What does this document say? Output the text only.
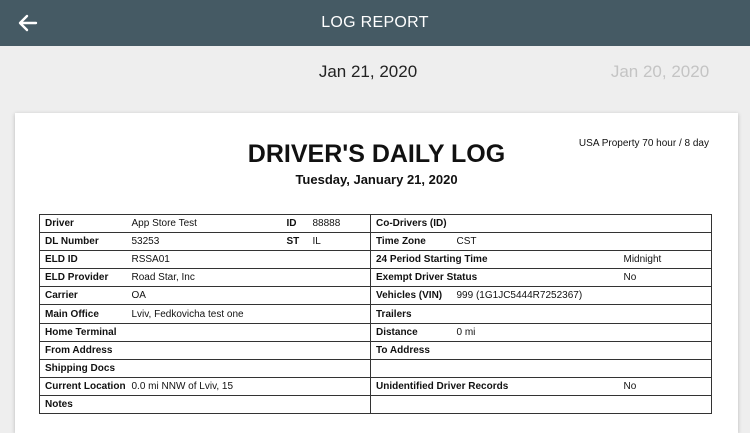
LOG REPORT
Jan 21, 2020	Jan 20, 2020
USA Property 70 hour / 8 day
DRIVER'S DAILY LOG
Tuesday, January 21, 2020
Driver	App Store Test	ID	88888	Co-Drivers (ID)		
DL Number	53253	ST	IL	Time Zone	CST	
ELD ID	RSSA01			24 Period Starting Time		Midnight
ELD Provider	Road Star, Inc			Exempt Driver Status		No
Carrier	OA			Vehicles (VIN)	999 (1G1JC5444R7252367)	
Main Office	Lviv, Fedkovicha test one			Trailers		
Home Terminal				Distance	0 mi	
From Address				To Address		
Shipping Docs						
Current Location	0.0 mi NNW of Lviv, 15			Unidentified Driver Records		No
Notes						
